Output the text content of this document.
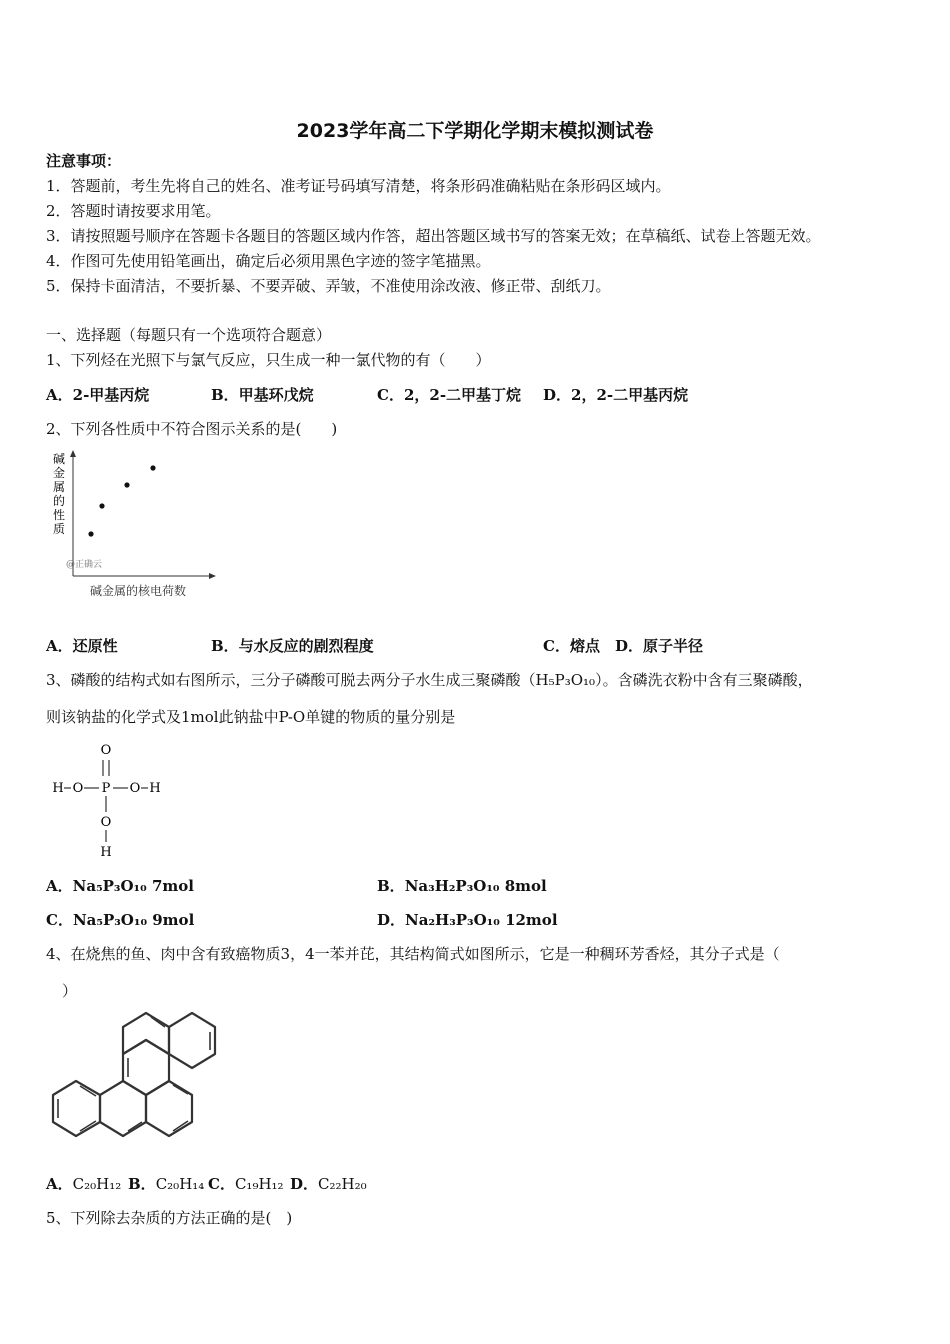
2023学年高二下学期化学期末模拟测试卷
注意事项：
1．答题前，考生先将自己的姓名、准考证号码填写清楚，将条形码准确粘贴在条形码区域内。
2．答题时请按要求用笔。
3．请按照题号顺序在答题卡各题目的答题区域内作答，超出答题区域书写的答案无效；在草稿纸、试卷上答题无效。
4．作图可先使用铅笔画出，确定后必须用黑色字迹的签字笔描黑。
5．保持卡面清洁，不要折暴、不要弄破、弄皱，不准使用涂改液、修正带、刮纸刀。
一、选择题（每题只有一个选项符合题意）
1、下列烃在光照下与氯气反应，只生成一种一氯代物的有（　　）
A．2-甲基丙烷	B．甲基环戊烷	C．2，2-二甲基丁烷 D．2，2-二甲基丙烷
2、下列各性质中不符合图示关系的是(　　)
碱
金
属
的
性
质
@正确云
碱金属的核电荷数
A．还原性	B．与水反应的剧烈程度	C．熔点 D．原子半径
3、磷酸的结构式如右图所示，三分子磷酸可脱去两分子水生成三聚磷酸（H₅P₃O₁₀）。含磷洗衣粉中含有三聚磷酸，
则该钠盐的化学式及1mol此钠盐中P-O单键的物质的量分别是
O
H O P O H
O
H
A．Na₅P₃O₁₀ 7mol	B．Na₃H₂P₃O₁₀ 8mol
C．Na₅P₃O₁₀ 9mol	D．Na₂H₃P₃O₁₀ 12mol
4、在烧焦的鱼、肉中含有致癌物质3，4一苯并芘，其结构简式如图所示，它是一种稠环芳香烃，其分子式是（
）
A．C₂₀H₁₂ B．C₂₀H₁₄ C．C₁₉H₁₂ D．C₂₂H₂₀
5、下列除去杂质的方法正确的是(　)
